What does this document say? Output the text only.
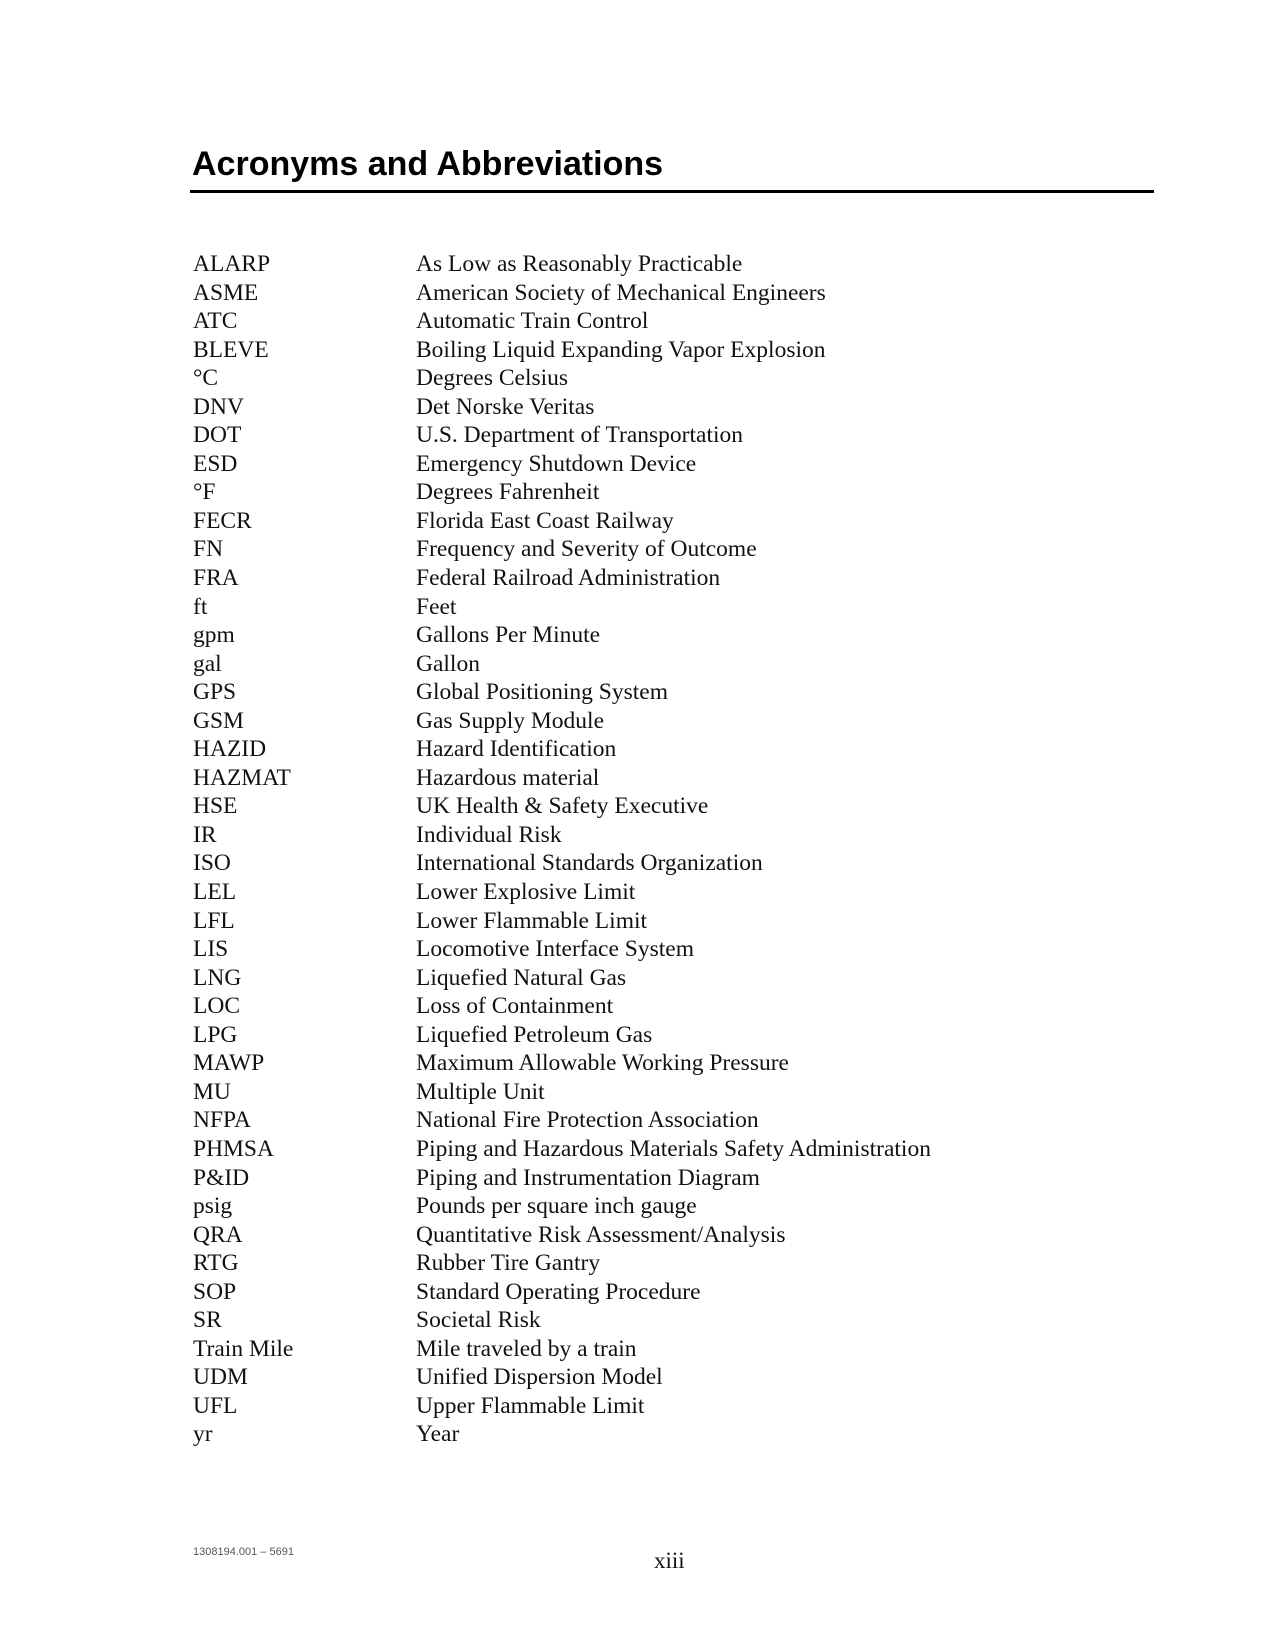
Acronyms and Abbreviations
ALARP	As Low as Reasonably Practicable
ASME	American Society of Mechanical Engineers
ATC	Automatic Train Control
BLEVE	Boiling Liquid Expanding Vapor Explosion
°C	Degrees Celsius
DNV	Det Norske Veritas
DOT	U.S. Department of Transportation
ESD	Emergency Shutdown Device
°F	Degrees Fahrenheit
FECR	Florida East Coast Railway
FN	Frequency and Severity of Outcome
FRA	Federal Railroad Administration
ft	Feet
gpm	Gallons Per Minute
gal	Gallon
GPS	Global Positioning System
GSM	Gas Supply Module
HAZID	Hazard Identification
HAZMAT	Hazardous material
HSE	UK Health & Safety Executive
IR	Individual Risk
ISO	International Standards Organization
LEL	Lower Explosive Limit
LFL	Lower Flammable Limit
LIS	Locomotive Interface System
LNG	Liquefied Natural Gas
LOC	Loss of Containment
LPG	Liquefied Petroleum Gas
MAWP	Maximum Allowable Working Pressure
MU	Multiple Unit
NFPA	National Fire Protection Association
PHMSA	Piping and Hazardous Materials Safety Administration
P&ID	Piping and Instrumentation Diagram
psig	Pounds per square inch gauge
QRA	Quantitative Risk Assessment/Analysis
RTG	Rubber Tire Gantry
SOP	Standard Operating Procedure
SR	Societal Risk
Train Mile	Mile traveled by a train
UDM	Unified Dispersion Model
UFL	Upper Flammable Limit
yr	Year
1308194.001 – 5691	xiii
